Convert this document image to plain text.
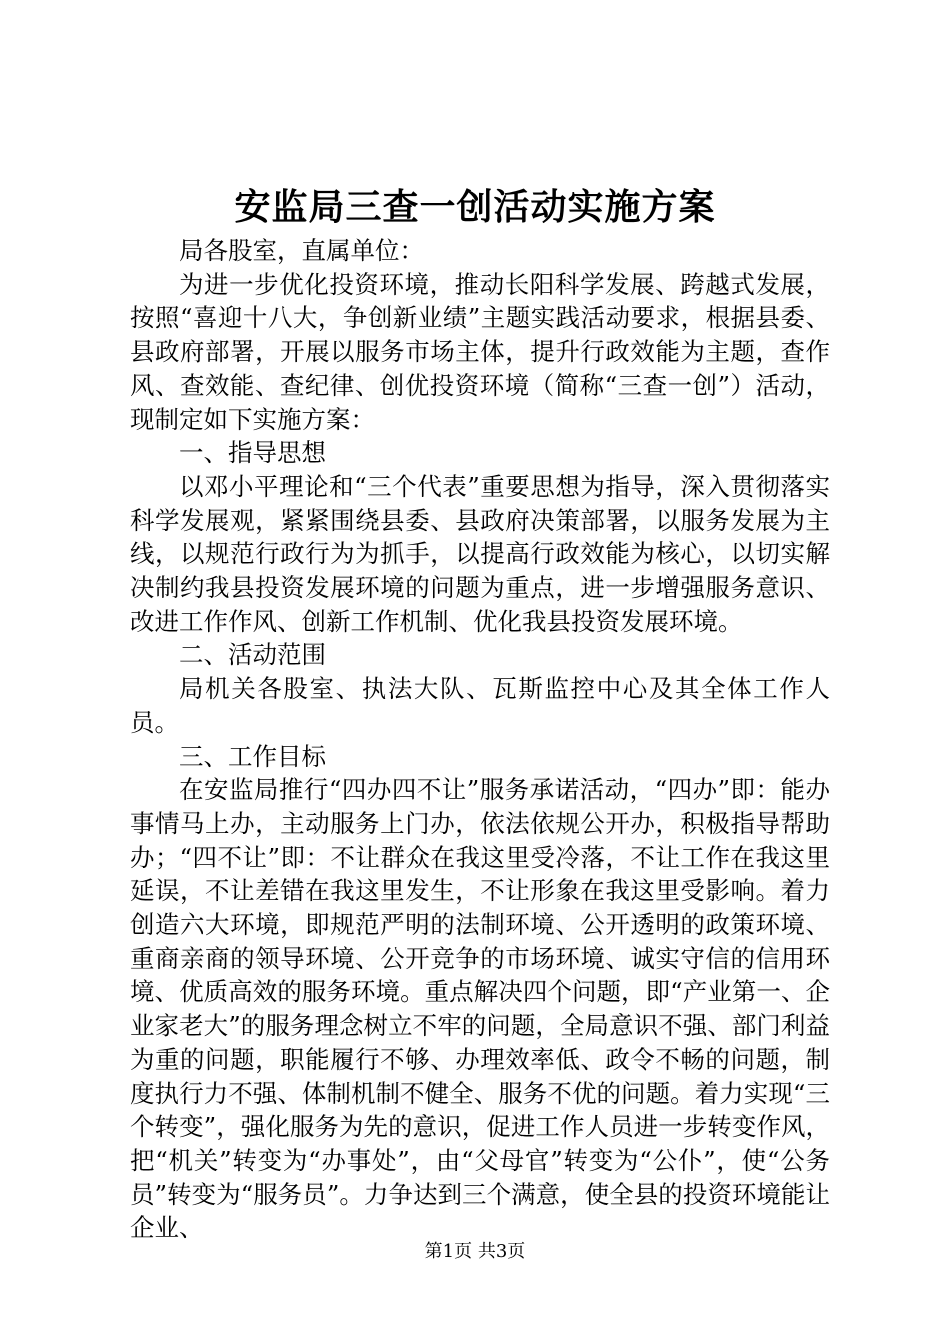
安监局三查一创活动实施方案

局各股室，直属单位：

为进一步优化投资环境，推动长阳科学发展、跨越式发展，按照“喜迎十八大，争创新业绩”主题实践活动要求，根据县委、县政府部署，开展以服务市场主体，提升行政效能为主题，查作风、查效能、查纪律、创优投资环境（简称“三查一创”）活动，现制定如下实施方案：

一、指导思想

以邓小平理论和“三个代表”重要思想为指导，深入贯彻落实科学发展观，紧紧围绕县委、县政府决策部署，以服务发展为主线，以规范行政行为为抓手，以提高行政效能为核心，以切实解决制约我县投资发展环境的问题为重点，进一步增强服务意识、改进工作作风、创新工作机制、优化我县投资发展环境。

二、活动范围

局机关各股室、执法大队、瓦斯监控中心及其全体工作人员。

三、工作目标

在安监局推行“四办四不让”服务承诺活动，“四办”即：能办事情马上办，主动服务上门办，依法依规公开办，积极指导帮助办；“四不让”即：不让群众在我这里受冷落，不让工作在我这里延误，不让差错在我这里发生，不让形象在我这里受影响。着力创造六大环境，即规范严明的法制环境、公开透明的政策环境、重商亲商的领导环境、公开竞争的市场环境、诚实守信的信用环境、优质高效的服务环境。重点解决四个问题，即“产业第一、企业家老大”的服务理念树立不牢的问题，全局意识不强、部门利益为重的问题，职能履行不够、办理效率低、政令不畅的问题，制度执行力不强、体制机制不健全、服务不优的问题。着力实现“三个转变”，强化服务为先的意识，促进工作人员进一步转变作风，把“机关”转变为“办事处”，由“父母官”转变为“公仆”，使“公务员”转变为“服务员”。力争达到三个满意，使全县的投资环境能让企业、

第1页 共3页
